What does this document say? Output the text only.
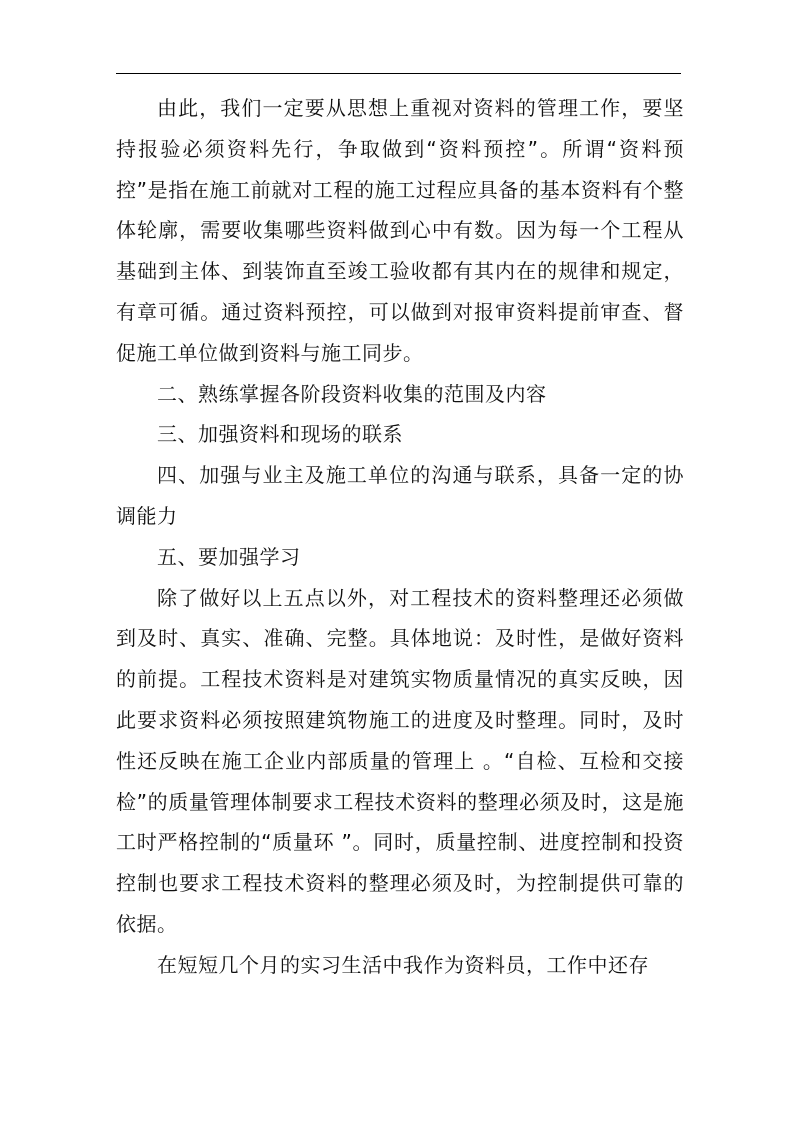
由此，我们一定要从思想上重视对资料的管理工作，要坚持报验必须资料先行，争取做到“资料预控”。所谓“资料预控”是指在施工前就对工程的施工过程应具备的基本资料有个整体轮廓，需要收集哪些资料做到心中有数。因为每一个工程从基础到主体、到装饰直至竣工验收都有其内在的规律和规定，有章可循。通过资料预控，可以做到对报审资料提前审查、督促施工单位做到资料与施工同步。

二、熟练掌握各阶段资料收集的范围及内容

三、加强资料和现场的联系

四、加强与业主及施工单位的沟通与联系，具备一定的协调能力

五、要加强学习

除了做好以上五点以外，对工程技术的资料整理还必须做到及时、真实、准确、完整。具体地说：及时性，是做好资料的前提。工程技术资料是对建筑实物质量情况的真实反映，因此要求资料必须按照建筑物施工的进度及时整理。同时，及时性还反映在施工企业内部质量的管理上 。“自检、互检和交接检”的质量管理体制要求工程技术资料的整理必须及时，这是施工时严格控制的“质量环 ”。同时，质量控制、进度控制和投资控制也要求工程技术资料的整理必须及时，为控制提供可靠的依据。

在短短几个月的实习生活中我作为资料员，工作中还存
